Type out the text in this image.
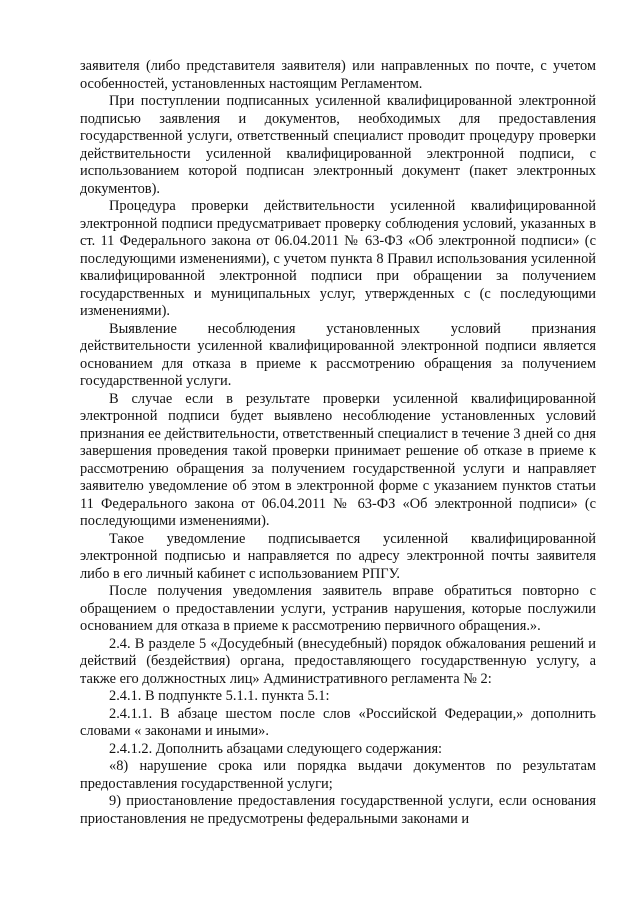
заявителя (либо представителя заявителя) или направленных по почте, с учетом особенностей, установленных настоящим Регламентом.

При поступлении подписанных усиленной квалифицированной электронной подписью заявления и документов, необходимых для предоставления государственной услуги, ответственный специалист проводит процедуру проверки действительности усиленной квалифицированной электронной подписи, с использованием которой подписан электронный документ (пакет электронных документов).

Процедура проверки действительности усиленной квалифицированной электронной подписи предусматривает проверку соблюдения условий, указанных в ст. 11 Федерального закона от 06.04.2011 № 63-ФЗ «Об электронной подписи» (с последующими изменениями), с учетом пункта 8 Правил использования усиленной квалифицированной электронной подписи при обращении за получением государственных и муниципальных услуг, утвержденных с (с последующими изменениями).

Выявление несоблюдения установленных условий признания действительности усиленной квалифицированной электронной подписи является основанием для отказа в приеме к рассмотрению обращения за получением государственной услуги.

В случае если в результате проверки усиленной квалифицированной электронной подписи будет выявлено несоблюдение установленных условий признания ее действительности, ответственный специалист в течение 3 дней со дня завершения проведения такой проверки принимает решение об отказе в приеме к рассмотрению обращения за получением государственной услуги и направляет заявителю уведомление об этом в электронной форме с указанием пунктов статьи 11 Федерального закона от 06.04.2011 № 63-ФЗ «Об электронной подписи» (с последующими изменениями).

Такое уведомление подписывается усиленной квалифицированной электронной подписью и направляется по адресу электронной почты заявителя либо в его личный кабинет с использованием РПГУ.

После получения уведомления заявитель вправе обратиться повторно с обращением о предоставлении услуги, устранив нарушения, которые послужили основанием для отказа в приеме к рассмотрению первичного обращения.».

2.4. В разделе 5 «Досудебный (внесудебный) порядок обжалования решений и действий (бездействия) органа, предоставляющего государственную услугу, а также его должностных лиц» Административного регламента № 2:

2.4.1. В подпункте 5.1.1. пункта 5.1:

2.4.1.1. В абзаце шестом после слов «Российской Федерации,» дополнить словами « законами и иными».

2.4.1.2. Дополнить абзацами следующего содержания:

«8) нарушение срока или порядка выдачи документов по результатам предоставления государственной услуги;

9) приостановление предоставления государственной услуги, если основания приостановления не предусмотрены федеральными законами и
